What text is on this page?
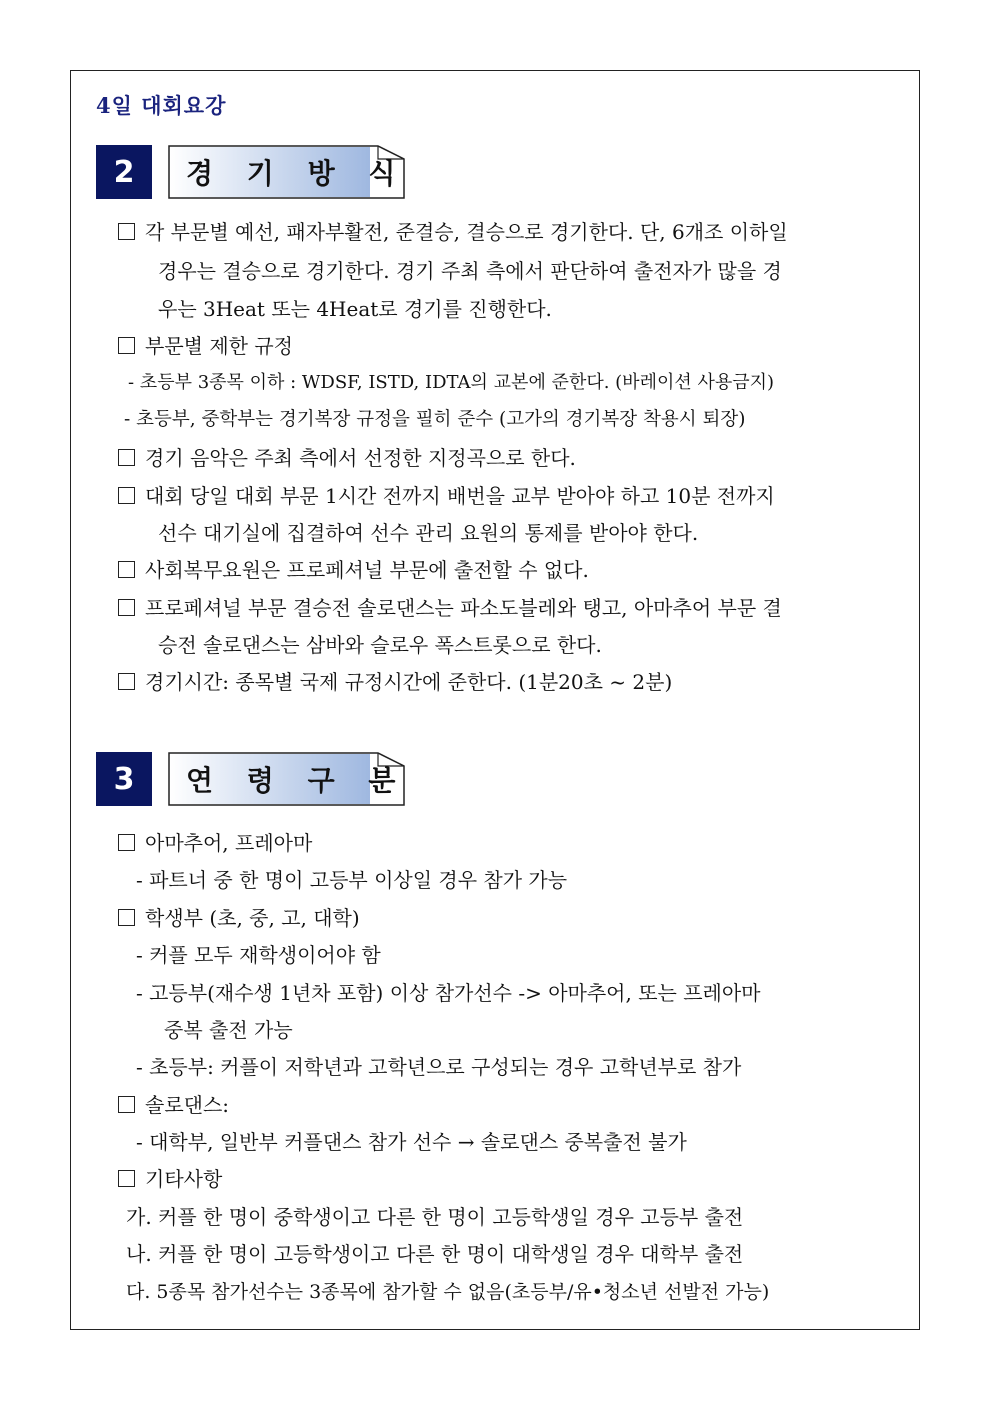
4일 대회요강
2	경 기 방 식
3	연 령 구 분
각 부문별 예선, 패자부활전, 준결승, 결승으로 경기한다. 단, 6개조 이하일
경우는 결승으로 경기한다. 경기 주최 측에서 판단하여 출전자가 많을 경
우는 3Heat 또는 4Heat로 경기를 진행한다.
부문별 제한 규정
- 초등부 3종목 이하 : WDSF, ISTD, IDTA의 교본에 준한다. (바레이션 사용금지)
- 초등부, 중학부는 경기복장 규정을 필히 준수 (고가의 경기복장 착용시 퇴장)
경기 음악은 주최 측에서 선정한 지정곡으로 한다.
대회 당일 대회 부문 1시간 전까지 배번을 교부 받아야 하고 10분 전까지
선수 대기실에 집결하여 선수 관리 요원의 통제를 받아야 한다.
사회복무요원은 프로페셔널 부문에 출전할 수 없다.
프로페셔널 부문 결승전 솔로댄스는 파소도블레와 탱고, 아마추어 부문 결
승전 솔로댄스는 삼바와 슬로우 폭스트롯으로 한다.
경기시간: 종목별 국제 규정시간에 준한다. (1분20초 ~ 2분)
아마추어, 프레아마
- 파트너 중 한 명이 고등부 이상일 경우 참가 가능
학생부 (초, 중, 고, 대학)
- 커플 모두 재학생이어야 함
- 고등부(재수생 1년차 포함) 이상 참가선수 -> 아마추어, 또는 프레아마
중복 출전 가능
- 초등부: 커플이 저학년과 고학년으로 구성되는 경우 고학년부로 참가
솔로댄스:
- 대학부, 일반부 커플댄스 참가 선수 → 솔로댄스 중복출전 불가
기타사항
가. 커플 한 명이 중학생이고 다른 한 명이 고등학생일 경우 고등부 출전
나. 커플 한 명이 고등학생이고 다른 한 명이 대학생일 경우 대학부 출전
다. 5종목 참가선수는 3종목에 참가할 수 없음(초등부/유•청소년 선발전 가능)
